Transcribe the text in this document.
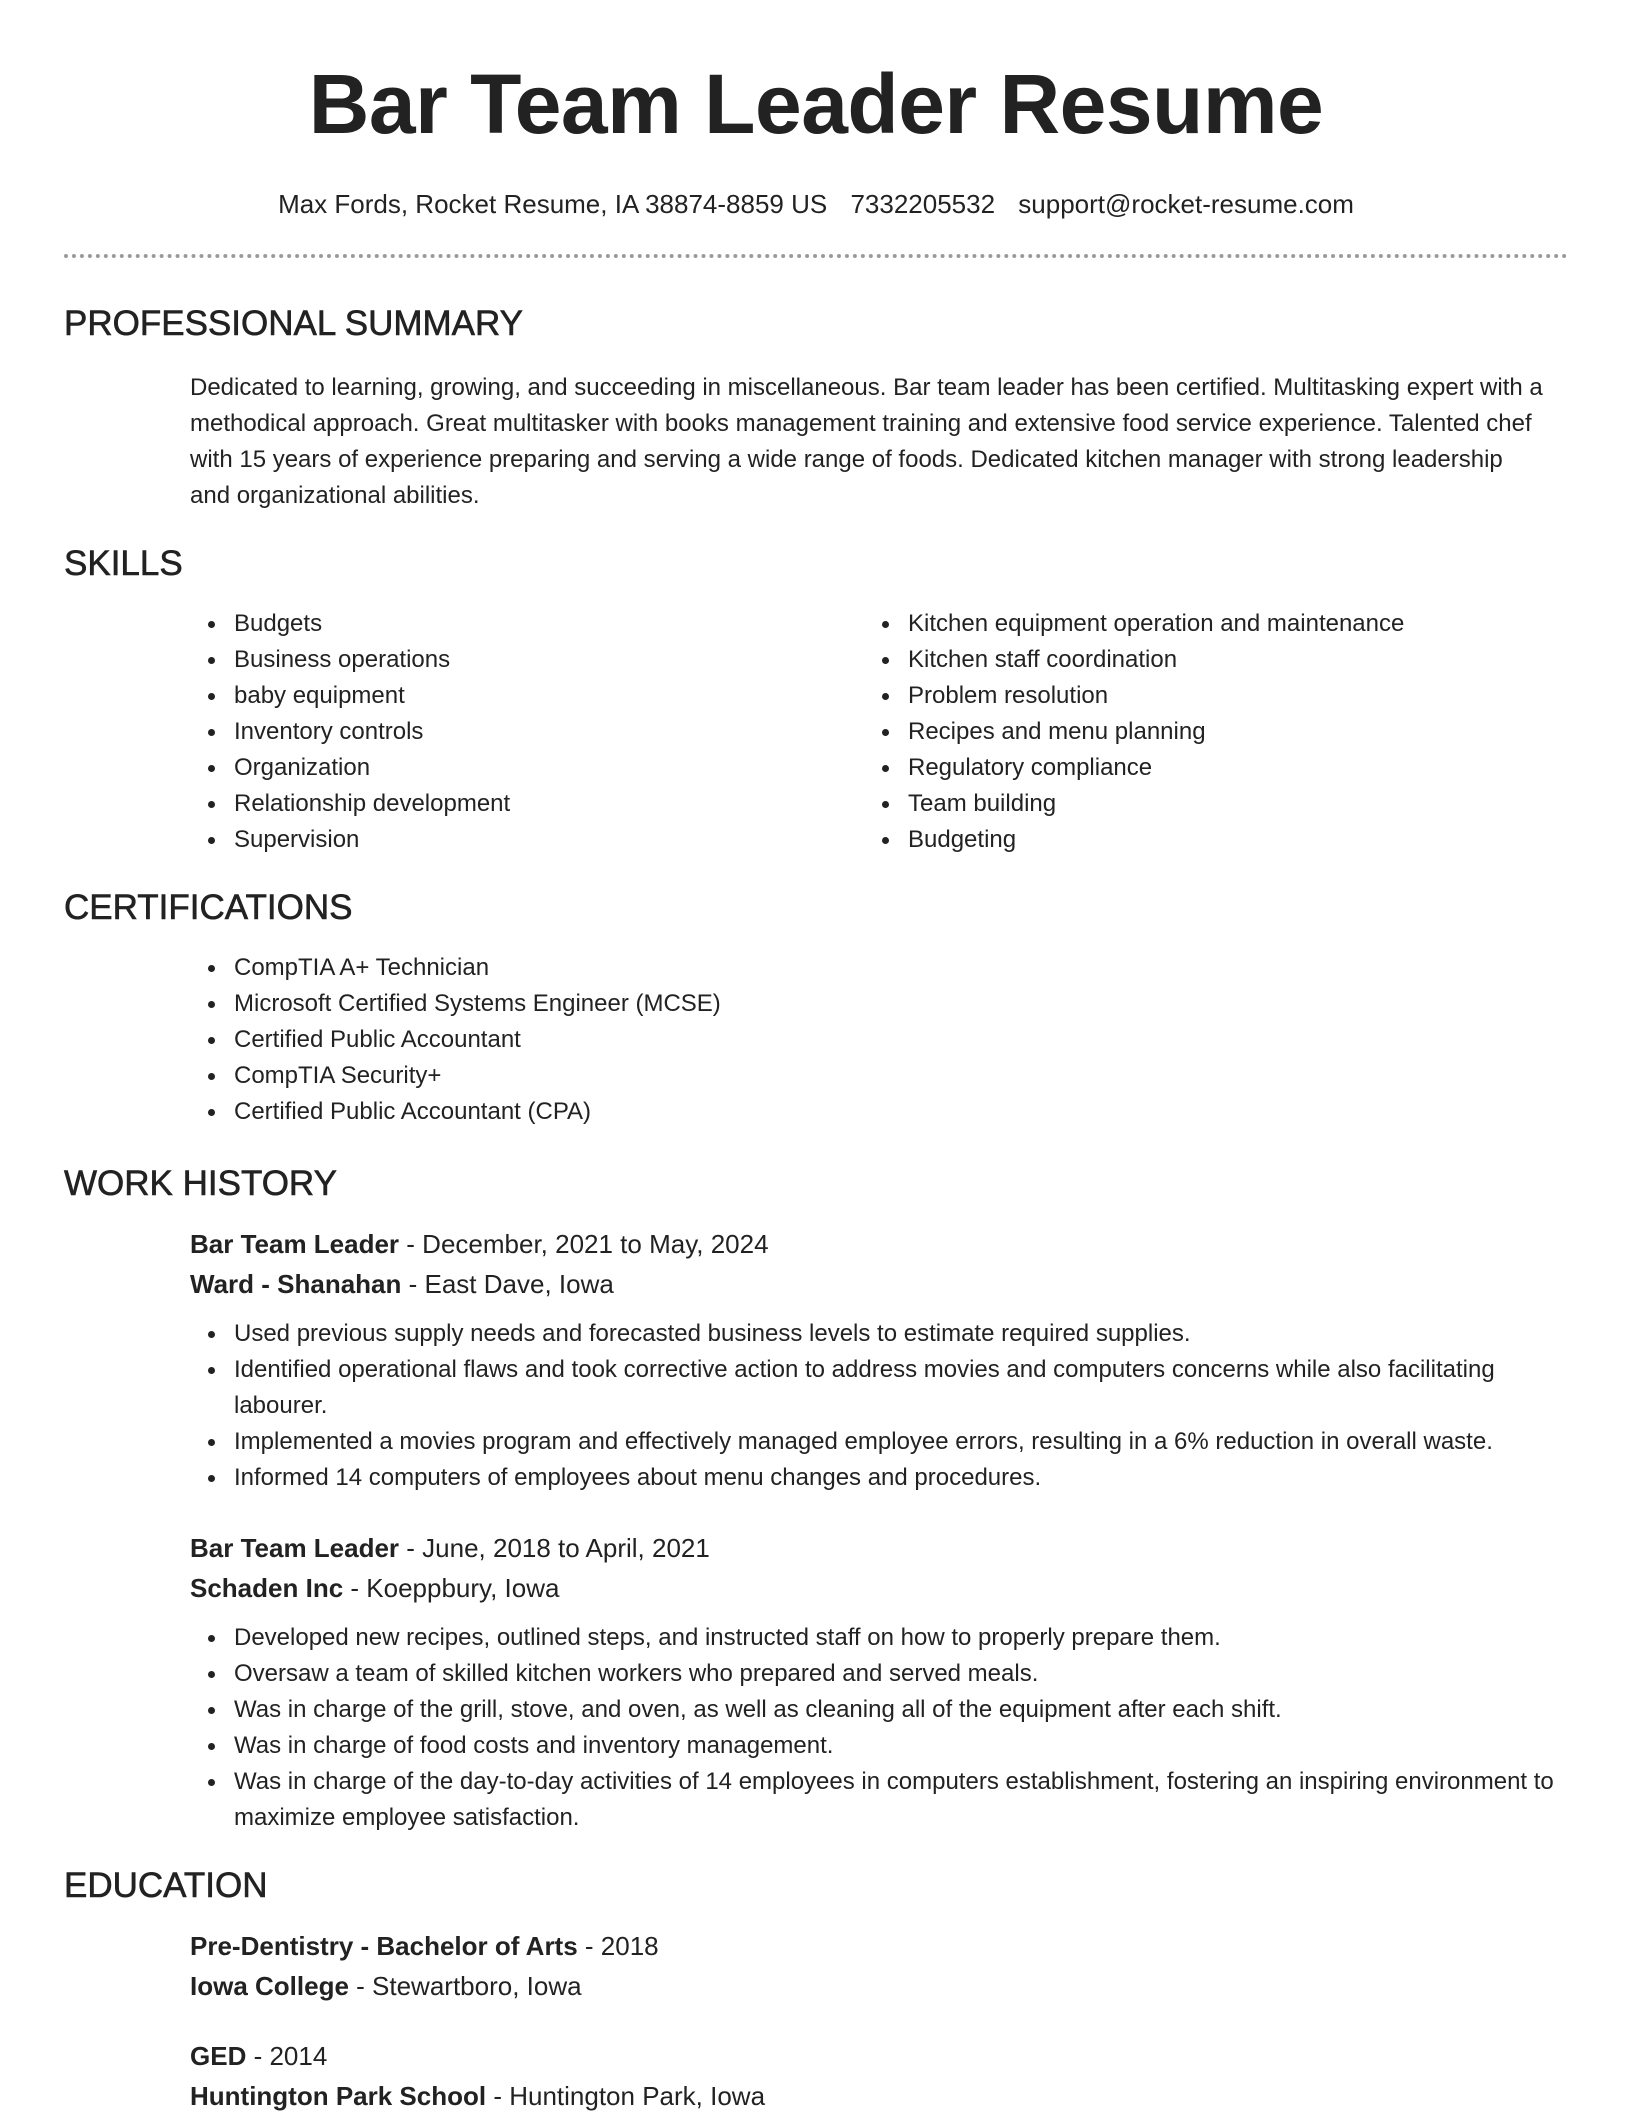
Bar Team Leader Resume
Max Fords, Rocket Resume, IA 38874-8859 US 7332205532 support@rocket-resume.com
PROFESSIONAL SUMMARY

Dedicated to learning, growing, and succeeding in miscellaneous. Bar team leader has been certified. Multitasking expert with a methodical approach. Great multitasker with books management training and extensive food service experience. Talented chef with 15 years of experience preparing and serving a wide range of foods. Dedicated kitchen manager with strong leadership and organizational abilities.

SKILLS
Budgets
Business operations
baby equipment
Inventory controls
Organization
Relationship development
Supervision
Kitchen equipment operation and maintenance
Kitchen staff coordination
Problem resolution
Recipes and menu planning
Regulatory compliance
Team building
Budgeting
CERTIFICATIONS
CompTIA A+ Technician
Microsoft Certified Systems Engineer (MCSE)
Certified Public Accountant
CompTIA Security+
Certified Public Accountant (CPA)
WORK HISTORY
Bar Team Leader - December, 2021 to May, 2024
Ward - Shanahan - East Dave, Iowa
Used previous supply needs and forecasted business levels to estimate required supplies.
Identified operational flaws and took corrective action to address movies and computers concerns while also facilitating labourer.
Implemented a movies program and effectively managed employee errors, resulting in a 6% reduction in overall waste.
Informed 14 computers of employees about menu changes and procedures.
Bar Team Leader - June, 2018 to April, 2021
Schaden Inc - Koeppbury, Iowa
Developed new recipes, outlined steps, and instructed staff on how to properly prepare them.
Oversaw a team of skilled kitchen workers who prepared and served meals.
Was in charge of the grill, stove, and oven, as well as cleaning all of the equipment after each shift.
Was in charge of food costs and inventory management.
Was in charge of the day-to-day activities of 14 employees in computers establishment, fostering an inspiring environment to maximize employee satisfaction.
EDUCATION
Pre-Dentistry - Bachelor of Arts - 2018
Iowa College - Stewartboro, Iowa
GED - 2014
Huntington Park School - Huntington Park, Iowa
